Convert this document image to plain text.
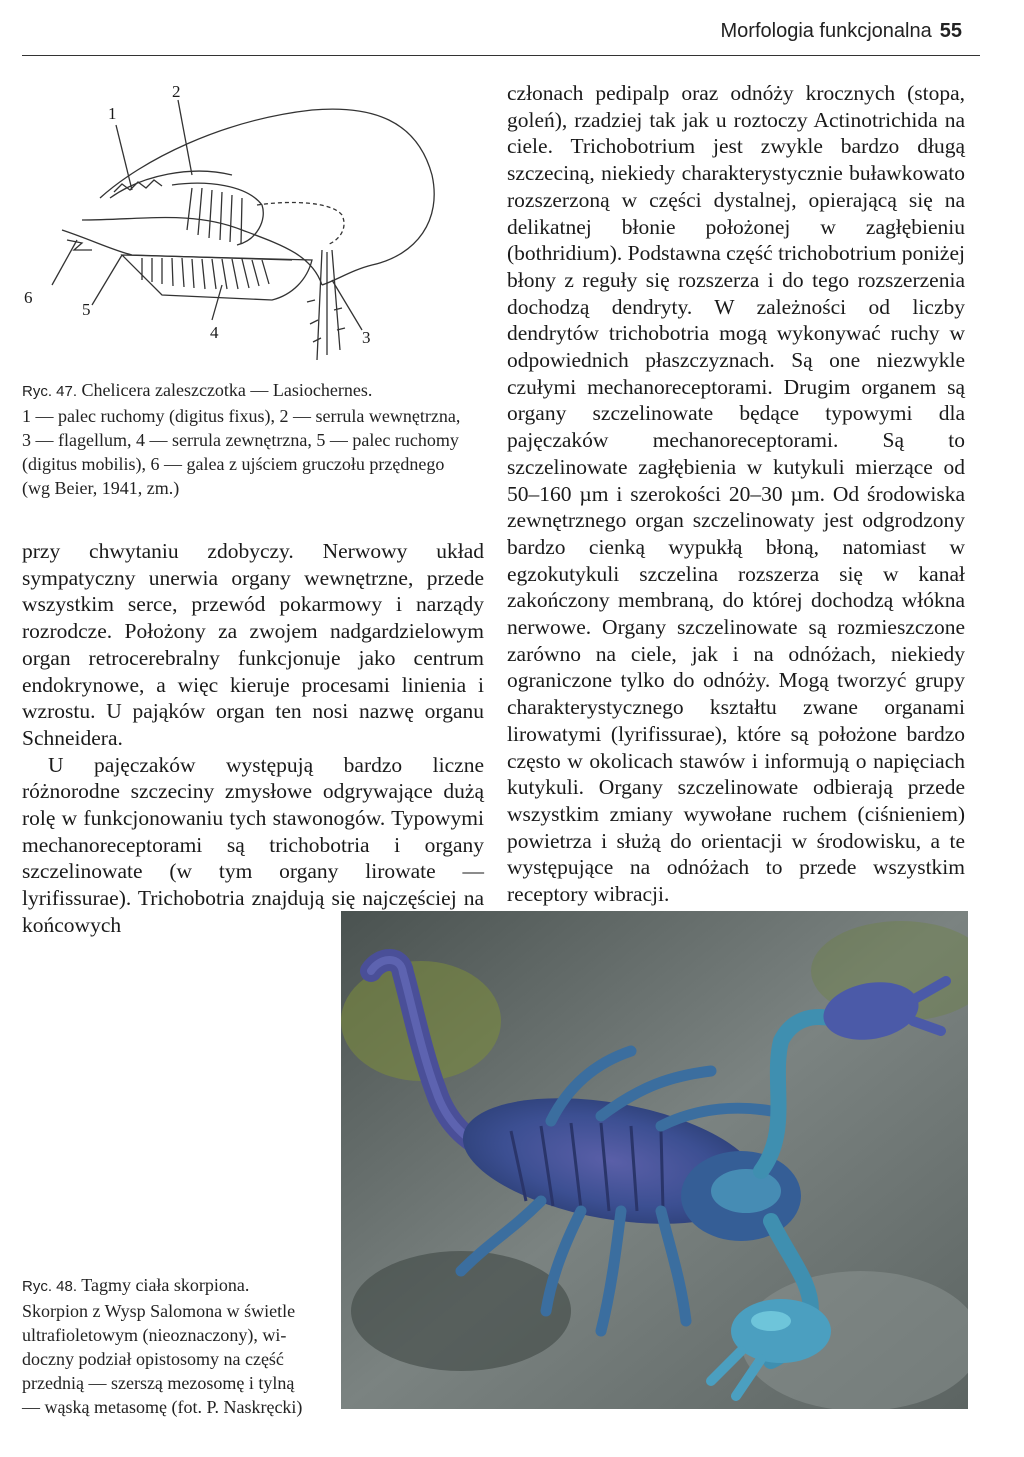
Morfologia funkcjonalna 55
1
2
3
4
5
6

Ryc. 47. Chelicera zaleszczotka — Lasiochernes.

1 — palec ruchomy (digitus fixus), 2 — serrula wewnętrzna,

3 — flagellum, 4 — serrula zewnętrzna, 5 — palec ruchomy

(digitus mobilis), 6 — galea z ujściem gruczołu przędnego

(wg Beier, 1941, zm.)

przy chwytaniu zdobyczy. Nerwowy układ sympatyczny unerwia organy wewnętrzne, przede wszystkim serce, przewód pokarmowy i narządy rozrodcze. Położony za zwojem nadgardzielowym organ retrocerebralny funkcjonuje jako centrum endokrynowe, a więc kieruje procesami linienia i wzrostu. U pająków organ ten nosi nazwę organu Schneidera.

U pajęczaków występują bardzo liczne różnorodne szczeciny zmysłowe odgrywające dużą rolę w funkcjonowaniu tych stawonogów. Typowymi mechanoreceptorami są trichobotria i organy szczelinowate (w tym organy lirowate — lyrifissurae). Trichobotria znajdują się najczęściej na końcowych

członach pedipalp oraz odnóży krocznych (stopa, goleń), rzadziej tak jak u roztoczy Actinotrichida na ciele. Trichobotrium jest zwykle bardzo długą szczeciną, niekiedy charakterystycznie buławkowato rozszerzoną w części dystalnej, opierającą się na delikatnej błonie położonej w zagłębieniu (bothridium). Podstawna część trichobotrium poniżej błony z reguły się rozszerza i do tego rozszerzenia dochodzą dendryty. W zależności od liczby dendrytów trichobotria mogą wykonywać ruchy w odpowiednich płaszczyznach. Są one niezwykle czułymi mechanoreceptorami. Drugim organem są organy szczelinowate będące typowymi dla pajęczaków mechanoreceptorami. Są to szczelinowate zagłębienia w kutykuli mierzące od 50–160 µm i szerokości 20–30 µm. Od środowiska zewnętrznego organ szczelinowaty jest odgrodzony bardzo cienką wypukłą błoną, natomiast w egzokutykuli szczelina rozszerza się w kanał zakończony membraną, do której dochodzą włókna nerwowe. Organy szczelinowate są rozmieszczone zarówno na ciele, jak i na odnóżach, niekiedy ograniczone tylko do odnóży. Mogą tworzyć grupy charakterystycznego kształtu zwane organami lirowatymi (lyrifissurae), które są położone bardzo często w okolicach stawów i informują o napięciach kutykuli. Organy szczelinowate odbierają przede wszystkim zmiany wywołane ruchem (ciśnieniem) powietrza i służą do orientacji w środowisku, a te występujące na odnóżach to przede wszystkim receptory wibracji.

Ryc. 48. Tagmy ciała skorpiona.

Skorpion z Wysp Salomona w świetle

ultrafioletowym (nieoznaczony), wi-

doczny podział opistosomy na część

przednią — szerszą mezosomę i tylną

— wąską metasomę (fot. P. Naskręcki)
